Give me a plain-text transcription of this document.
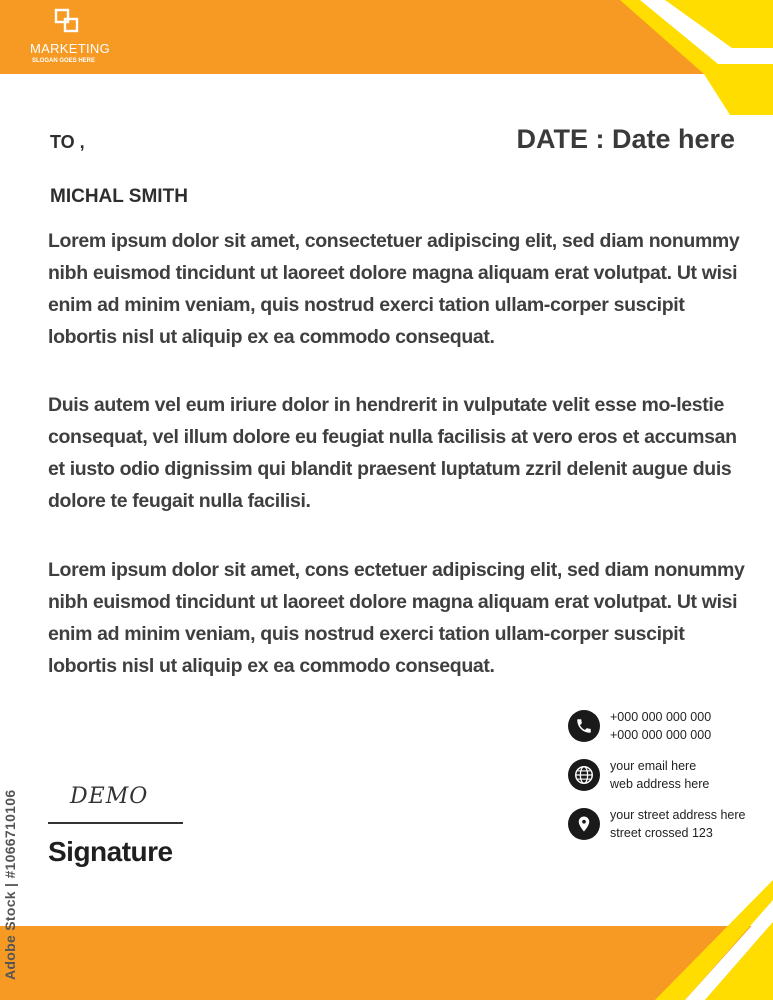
MARKETING
SLOGAN GOES HERE
TO ,	DATE : Date here
MICHAL SMITH

Lorem ipsum dolor sit amet, consectetuer adipiscing elit, sed diam nonummy nibh euismod tincidunt ut laoreet dolore magna aliquam erat volutpat. Ut wisi enim ad minim veniam, quis nostrud exerci tation ullam-corper suscipit lobortis nisl ut aliquip ex ea commodo consequat.

Duis autem vel eum iriure dolor in hendrerit in vulputate velit esse mo-lestie consequat, vel illum dolore eu feugiat nulla facilisis at vero eros et accumsan et iusto odio dignissim qui blandit praesent luptatum zzril delenit augue duis dolore te feugait nulla facilisi.

Lorem ipsum dolor sit amet, cons ectetuer adipiscing elit, sed diam nonummy nibh euismod tincidunt ut laoreet dolore magna aliquam erat volutpat. Ut wisi enim ad minim veniam, quis nostrud exerci tation ullam-corper suscipit lobortis nisl ut aliquip ex ea commodo consequat.

+000 000 000 000
+000 000 000 000
your email here
web address here
your street address here
street crossed 123
DEMO
Signature
Adobe Stock | #1066710106
